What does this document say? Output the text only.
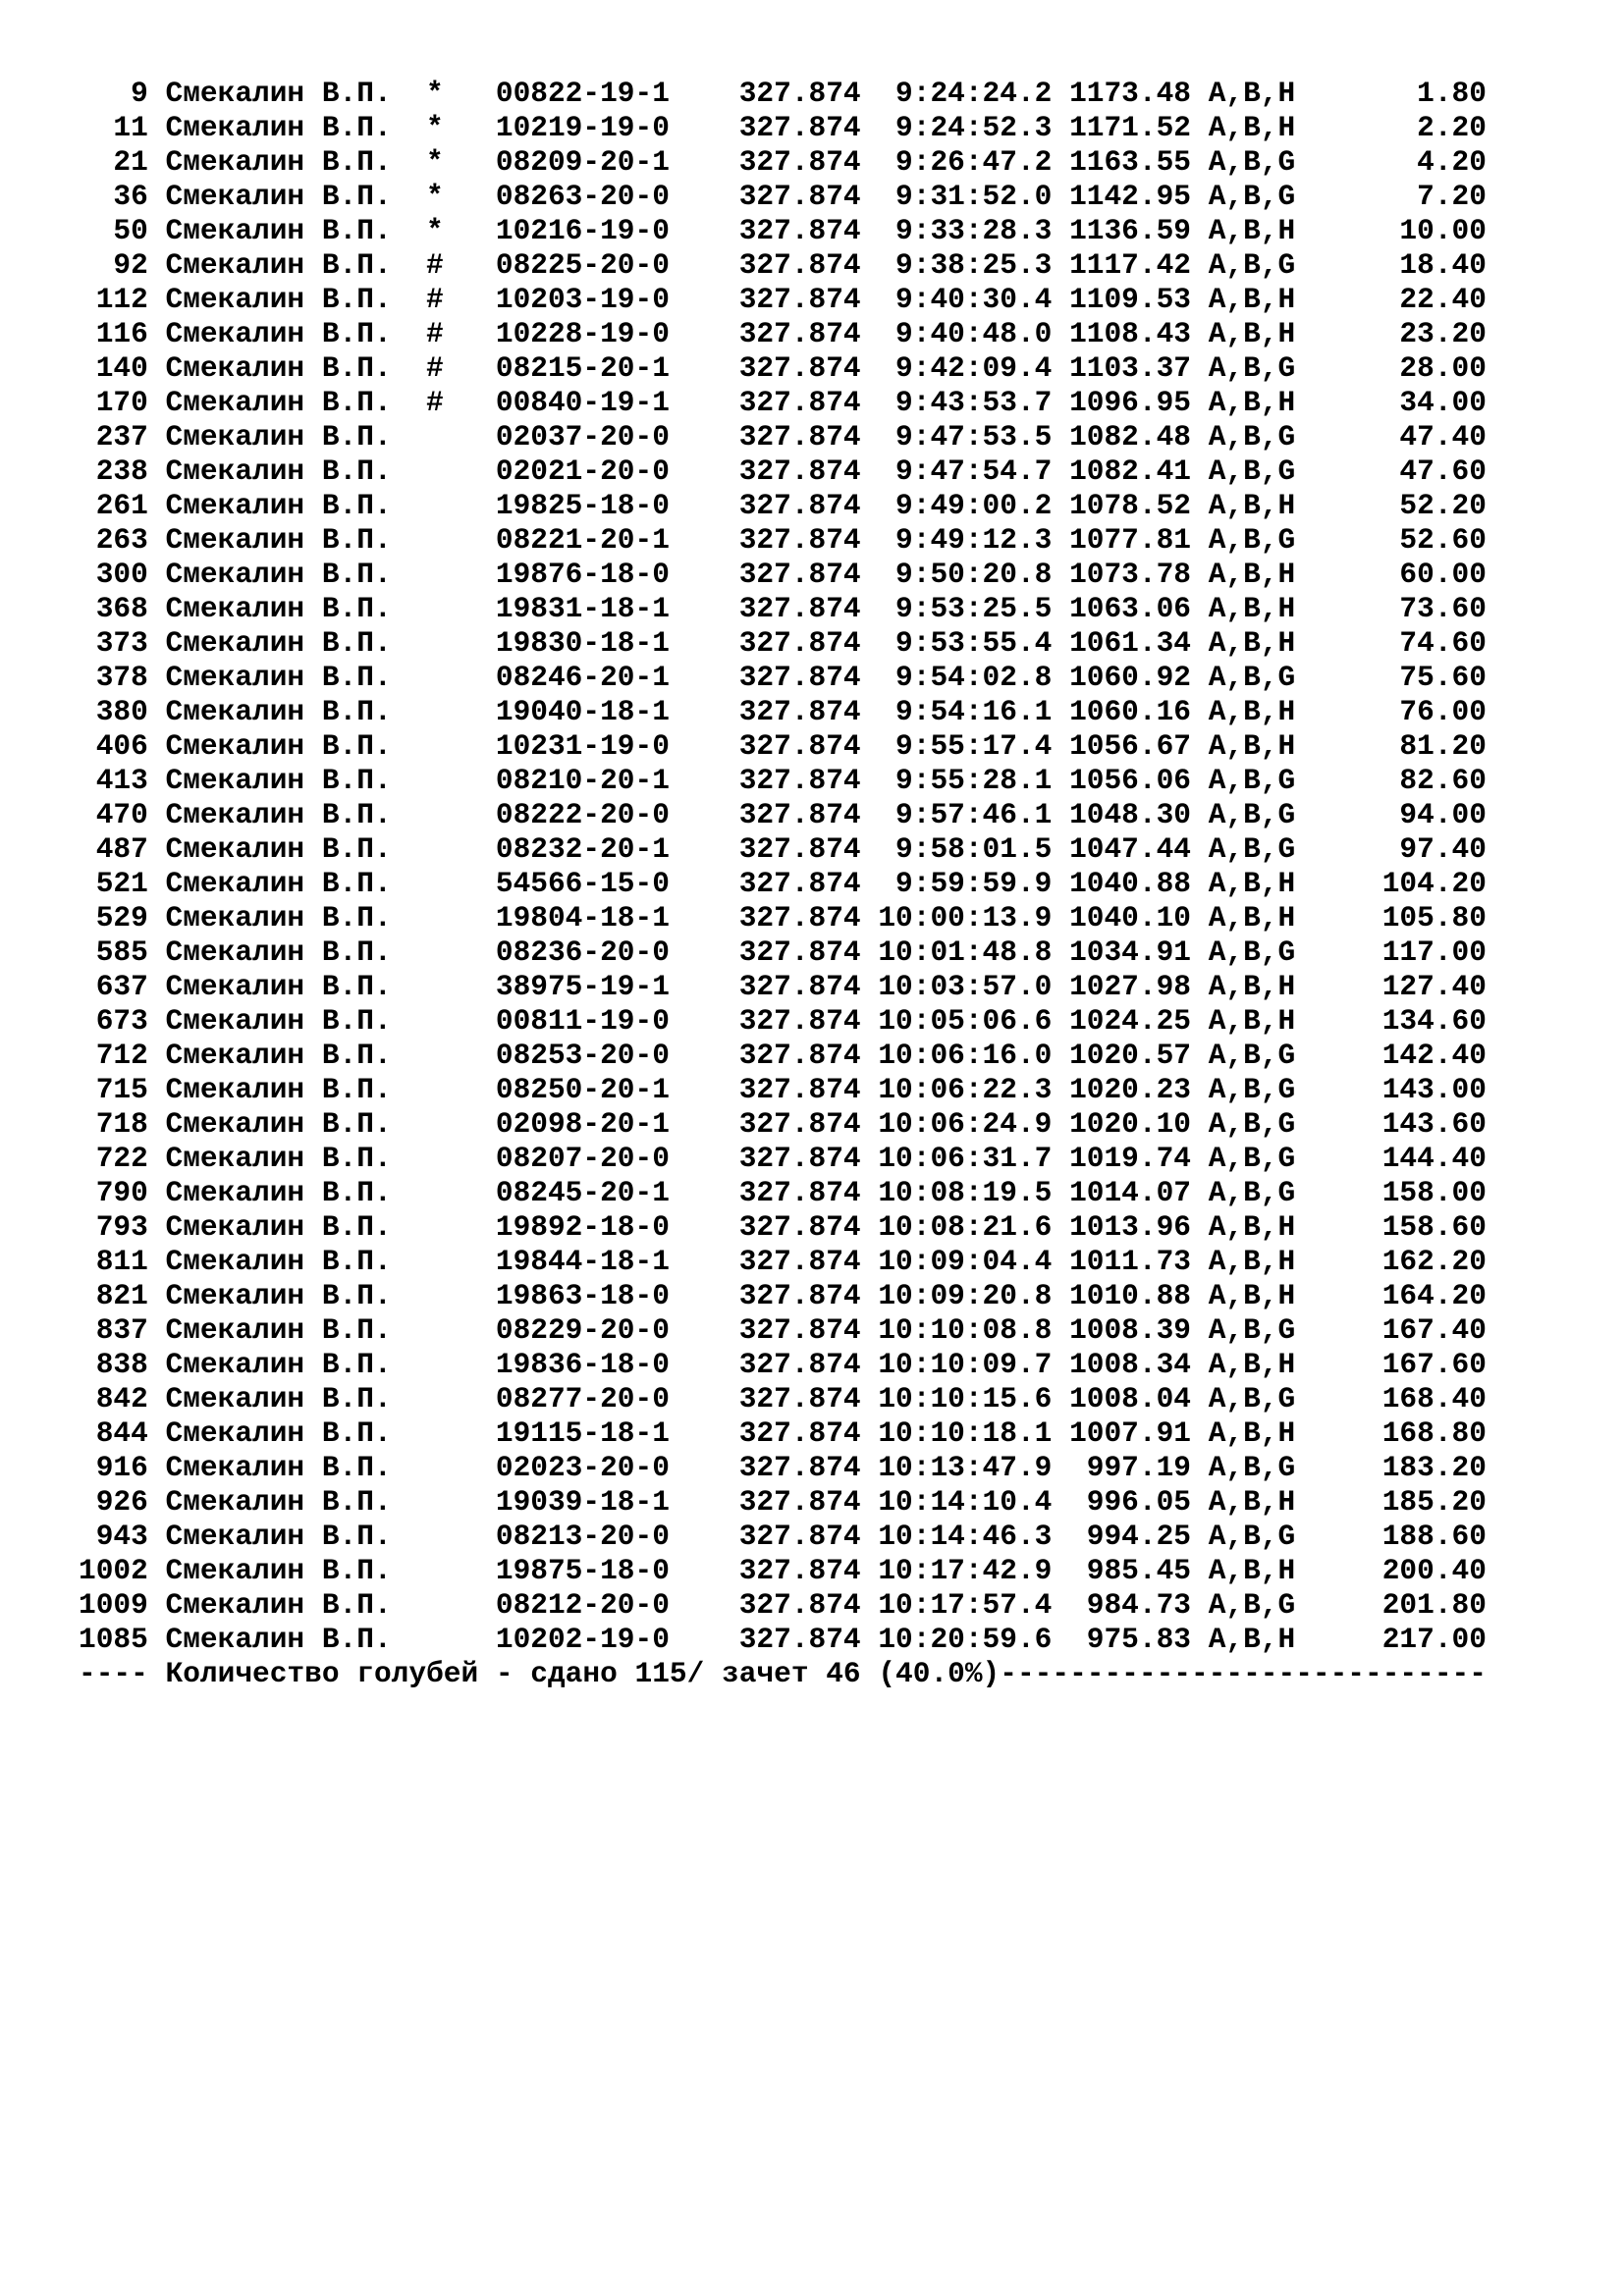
9 Смекалин В.П.  *   00822-19-1    327.874  9:24:24.2 1173.48 A,B,H       1.80
11 Смекалин В.П.  *   10219-19-0    327.874  9:24:52.3 1171.52 A,B,H       2.20
21 Смекалин В.П.  *   08209-20-1    327.874  9:26:47.2 1163.55 A,B,G       4.20
36 Смекалин В.П.  *   08263-20-0    327.874  9:31:52.0 1142.95 A,B,G       7.20
50 Смекалин В.П.  *   10216-19-0    327.874  9:33:28.3 1136.59 A,B,H      10.00
92 Смекалин В.П.  #   08225-20-0    327.874  9:38:25.3 1117.42 A,B,G      18.40
112 Смекалин В.П.  #   10203-19-0    327.874  9:40:30.4 1109.53 A,B,H      22.40
116 Смекалин В.П.  #   10228-19-0    327.874  9:40:48.0 1108.43 A,B,H      23.20
140 Смекалин В.П.  #   08215-20-1    327.874  9:42:09.4 1103.37 A,B,G      28.00
170 Смекалин В.П.  #   00840-19-1    327.874  9:43:53.7 1096.95 A,B,H      34.00
237 Смекалин В.П.	02037-20-0    327.874  9:47:53.5 1082.48 A,B,G      47.40
238 Смекалин В.П.	02021-20-0    327.874  9:47:54.7 1082.41 A,B,G      47.60
261 Смекалин В.П.	19825-18-0    327.874  9:49:00.2 1078.52 A,B,H      52.20
263 Смекалин В.П.	08221-20-1    327.874  9:49:12.3 1077.81 A,B,G      52.60
300 Смекалин В.П.	19876-18-0    327.874  9:50:20.8 1073.78 A,B,H      60.00
368 Смекалин В.П.	19831-18-1    327.874  9:53:25.5 1063.06 A,B,H      73.60
373 Смекалин В.П.	19830-18-1    327.874  9:53:55.4 1061.34 A,B,H      74.60
378 Смекалин В.П.	08246-20-1    327.874  9:54:02.8 1060.92 A,B,G      75.60
380 Смекалин В.П.	19040-18-1    327.874  9:54:16.1 1060.16 A,B,H      76.00
406 Смекалин В.П.	10231-19-0    327.874  9:55:17.4 1056.67 A,B,H      81.20
413 Смекалин В.П.	08210-20-1    327.874  9:55:28.1 1056.06 A,B,G      82.60
470 Смекалин В.П.	08222-20-0    327.874  9:57:46.1 1048.30 A,B,G      94.00
487 Смекалин В.П.	08232-20-1    327.874  9:58:01.5 1047.44 A,B,G      97.40
521 Смекалин В.П.	54566-15-0    327.874  9:59:59.9 1040.88 A,B,H     104.20
529 Смекалин В.П.	19804-18-1    327.874 10:00:13.9 1040.10 A,B,H     105.80
585 Смекалин В.П.	08236-20-0    327.874 10:01:48.8 1034.91 A,B,G     117.00
637 Смекалин В.П.	38975-19-1    327.874 10:03:57.0 1027.98 A,B,H     127.40
673 Смекалин В.П.	00811-19-0    327.874 10:05:06.6 1024.25 A,B,H     134.60
712 Смекалин В.П.	08253-20-0    327.874 10:06:16.0 1020.57 A,B,G     142.40
715 Смекалин В.П.	08250-20-1    327.874 10:06:22.3 1020.23 A,B,G     143.00
718 Смекалин В.П.	02098-20-1    327.874 10:06:24.9 1020.10 A,B,G     143.60
722 Смекалин В.П.	08207-20-0    327.874 10:06:31.7 1019.74 A,B,G     144.40
790 Смекалин В.П.	08245-20-1    327.874 10:08:19.5 1014.07 A,B,G     158.00
793 Смекалин В.П.	19892-18-0    327.874 10:08:21.6 1013.96 A,B,H     158.60
811 Смекалин В.П.	19844-18-1    327.874 10:09:04.4 1011.73 A,B,H     162.20
821 Смекалин В.П.	19863-18-0    327.874 10:09:20.8 1010.88 A,B,H     164.20
837 Смекалин В.П.	08229-20-0    327.874 10:10:08.8 1008.39 A,B,G     167.40
838 Смекалин В.П.	19836-18-0    327.874 10:10:09.7 1008.34 A,B,H     167.60
842 Смекалин В.П.	08277-20-0    327.874 10:10:15.6 1008.04 A,B,G     168.40
844 Смекалин В.П.	19115-18-1    327.874 10:10:18.1 1007.91 A,B,H     168.80
916 Смекалин В.П.	02023-20-0    327.874 10:13:47.9  997.19 A,B,G     183.20
926 Смекалин В.П.	19039-18-1    327.874 10:14:10.4  996.05 A,B,H     185.20
943 Смекалин В.П.	08213-20-0    327.874 10:14:46.3  994.25 A,B,G     188.60
1002 Смекалин В.П.	19875-18-0    327.874 10:17:42.9  985.45 A,B,H     200.40
1009 Смекалин В.П.	08212-20-0    327.874 10:17:57.4  984.73 A,B,G     201.80
1085 Смекалин В.П.	10202-19-0    327.874 10:20:59.6  975.83 A,B,H     217.00
---- Количество голубей - сдано 115/ зачет 46 (40.0%)----------------------------
